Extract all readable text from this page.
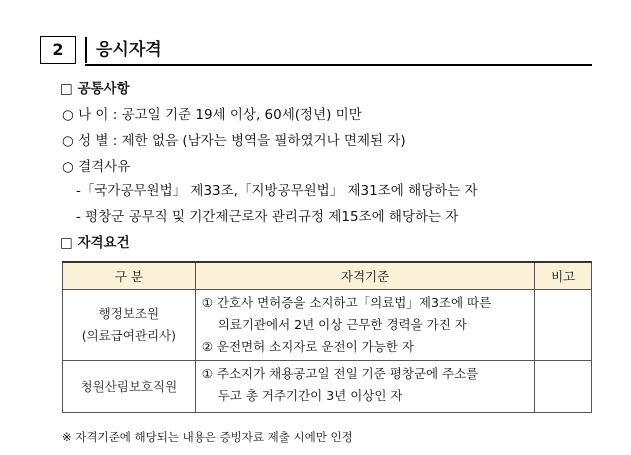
2	응시자격
□ 공통사항
○ 나 이 : 공고일 기준 19세 이상, 60세(정년) 미만
○ 성 별 : 제한 없음 (남자는 병역을 필하였거나 면제된 자)
○ 결격사유
-「국가공무원법」 제33조,「지방공무원법」 제31조에 해당하는 자
- 평창군 공무직 및 기간제근로자 관리규정 제15조에 해당하는 자
□ 자격요건
구 분	자격기준	비고

행정보조원
(의료급여관리사)	① 간호사 면허증을 소지하고「의료법」제3조에 따른
의료기관에서 2년 이상 근무한 경력을 가진 자
② 운전면허 소지자로 운전이 가능한 자	

청원산림보호직원	① 주소지가 채용공고일 전일 기준 평창군에 주소를
두고 총 거주기간이 3년 이상인 자	

※ 자격기준에 해당되는 내용은 증빙자료 제출 시에만 인정
